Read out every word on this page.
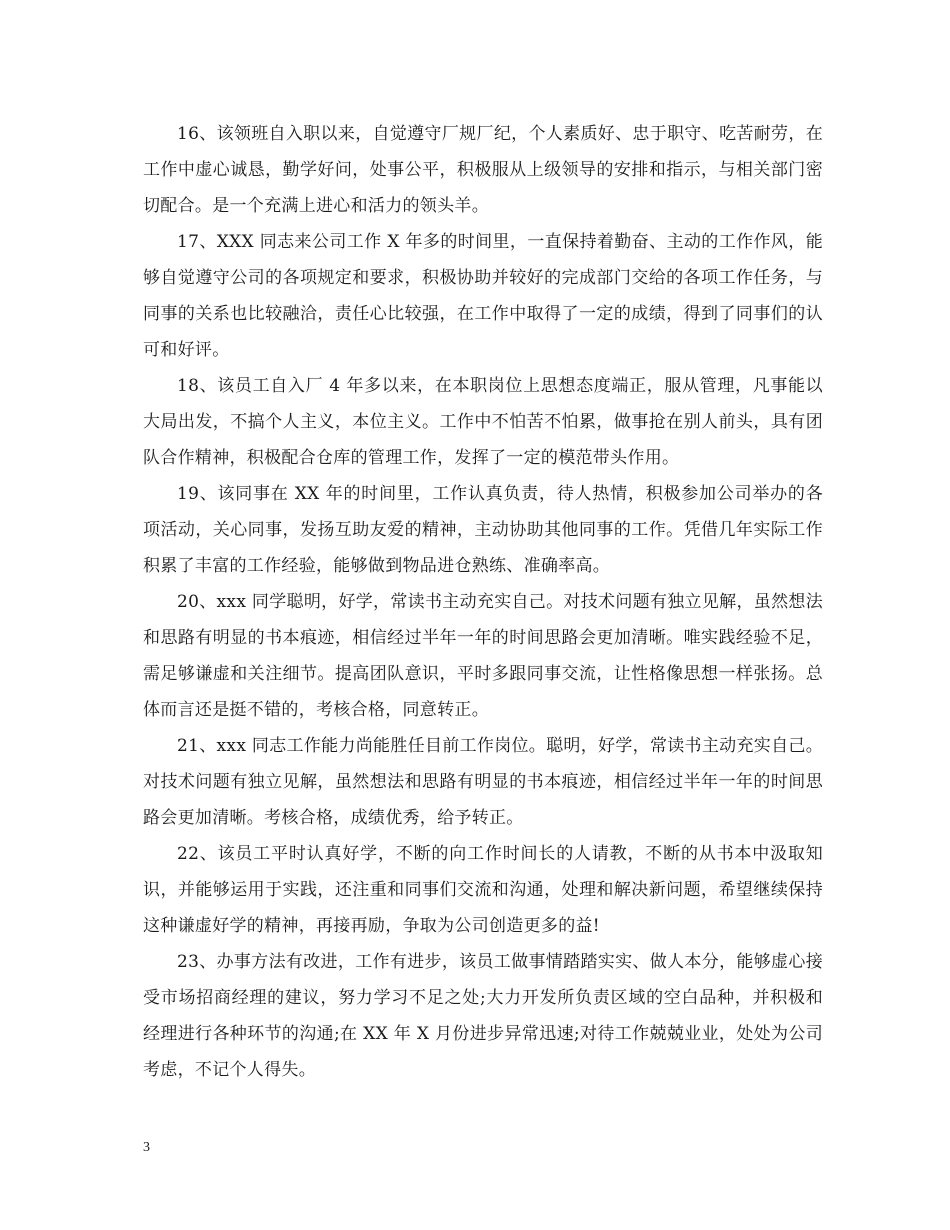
16、该领班自入职以来，自觉遵守厂规厂纪，个人素质好、忠于职守、吃苦耐劳，在工作中虚心诚恳，勤学好问，处事公平，积极服从上级领导的安排和指示，与相关部门密切配合。是一个充满上进心和活力的领头羊。

17、XXX 同志来公司工作 X 年多的时间里，一直保持着勤奋、主动的工作作风，能够自觉遵守公司的各项规定和要求，积极协助并较好的完成部门交给的各项工作任务，与同事的关系也比较融洽，责任心比较强，在工作中取得了一定的成绩，得到了同事们的认可和好评。

18、该员工自入厂 4 年多以来，在本职岗位上思想态度端正，服从管理，凡事能以大局出发，不搞个人主义，本位主义。工作中不怕苦不怕累，做事抢在别人前头，具有团队合作精神，积极配合仓库的管理工作，发挥了一定的模范带头作用。

19、该同事在 XX 年的时间里，工作认真负责，待人热情，积极参加公司举办的各项活动，关心同事，发扬互助友爱的精神，主动协助其他同事的工作。凭借几年实际工作积累了丰富的工作经验，能够做到物品进仓熟练、准确率高。

20、xxx 同学聪明，好学，常读书主动充实自己。对技术问题有独立见解，虽然想法和思路有明显的书本痕迹，相信经过半年一年的时间思路会更加清晰。唯实践经验不足，需足够谦虚和关注细节。提高团队意识，平时多跟同事交流，让性格像思想一样张扬。总体而言还是挺不错的，考核合格，同意转正。

21、xxx 同志工作能力尚能胜任目前工作岗位。聪明，好学，常读书主动充实自己。对技术问题有独立见解，虽然想法和思路有明显的书本痕迹，相信经过半年一年的时间思路会更加清晰。考核合格，成绩优秀，给予转正。

22、该员工平时认真好学，不断的向工作时间长的人请教，不断的从书本中汲取知识，并能够运用于实践，还注重和同事们交流和沟通，处理和解决新问题，希望继续保持这种谦虚好学的精神，再接再励，争取为公司创造更多的益!

23、办事方法有改进，工作有进步，该员工做事情踏踏实实、做人本分，能够虚心接受市场招商经理的建议，努力学习不足之处;大力开发所负责区域的空白品种，并积极和经理进行各种环节的沟通;在 XX 年 X 月份进步异常迅速;对待工作兢兢业业，处处为公司考虑，不记个人得失。

3
